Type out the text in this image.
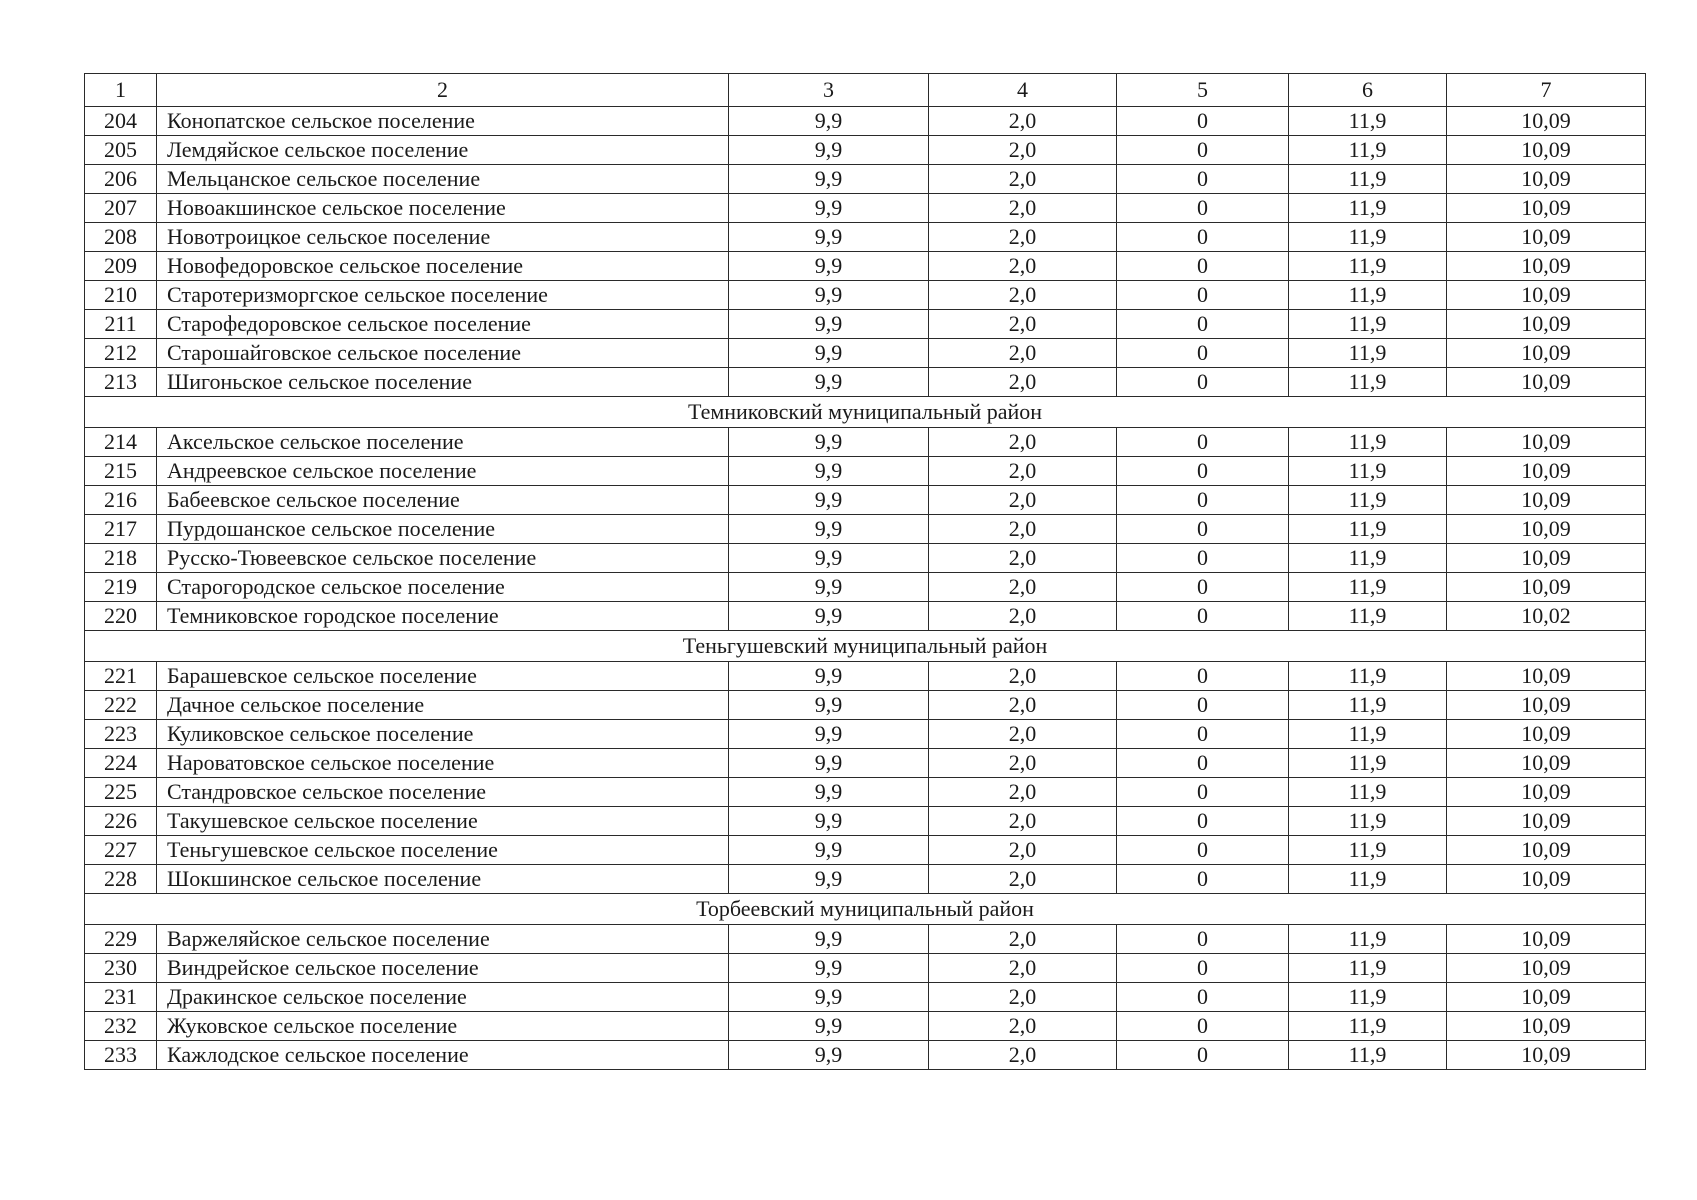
1	2	3	4	5	6	7
204	Конопатское сельское поселение	9,9	2,0	0	11,9	10,09
205	Лемдяйское сельское поселение	9,9	2,0	0	11,9	10,09
206	Мельцанское сельское поселение	9,9	2,0	0	11,9	10,09
207	Новоакшинское сельское поселение	9,9	2,0	0	11,9	10,09
208	Новотроицкое сельское поселение	9,9	2,0	0	11,9	10,09
209	Новофедоровское сельское поселение	9,9	2,0	0	11,9	10,09
210	Старотеризморгское сельское поселение	9,9	2,0	0	11,9	10,09
211	Старофедоровское сельское поселение	9,9	2,0	0	11,9	10,09
212	Старошайговское сельское поселение	9,9	2,0	0	11,9	10,09
213	Шигоньское сельское поселение	9,9	2,0	0	11,9	10,09
Темниковский муниципальный район						
214	Аксельское сельское поселение	9,9	2,0	0	11,9	10,09
215	Андреевское сельское поселение	9,9	2,0	0	11,9	10,09
216	Бабеевское сельское поселение	9,9	2,0	0	11,9	10,09
217	Пурдошанское сельское поселение	9,9	2,0	0	11,9	10,09
218	Русско-Тювеевское сельское поселение	9,9	2,0	0	11,9	10,09
219	Старогородское сельское поселение	9,9	2,0	0	11,9	10,09
220	Темниковское городское поселение	9,9	2,0	0	11,9	10,02
Теньгушевский муниципальный район						
221	Барашевское сельское поселение	9,9	2,0	0	11,9	10,09
222	Дачное сельское поселение	9,9	2,0	0	11,9	10,09
223	Куликовское сельское поселение	9,9	2,0	0	11,9	10,09
224	Нароватовское сельское поселение	9,9	2,0	0	11,9	10,09
225	Стандровское сельское поселение	9,9	2,0	0	11,9	10,09
226	Такушевское сельское поселение	9,9	2,0	0	11,9	10,09
227	Теньгушевское сельское поселение	9,9	2,0	0	11,9	10,09
228	Шокшинское сельское поселение	9,9	2,0	0	11,9	10,09
Торбеевский муниципальный район						
229	Варжеляйское сельское поселение	9,9	2,0	0	11,9	10,09
230	Виндрейское сельское поселение	9,9	2,0	0	11,9	10,09
231	Дракинское сельское поселение	9,9	2,0	0	11,9	10,09
232	Жуковское сельское поселение	9,9	2,0	0	11,9	10,09
233	Кажлодское сельское поселение	9,9	2,0	0	11,9	10,09
